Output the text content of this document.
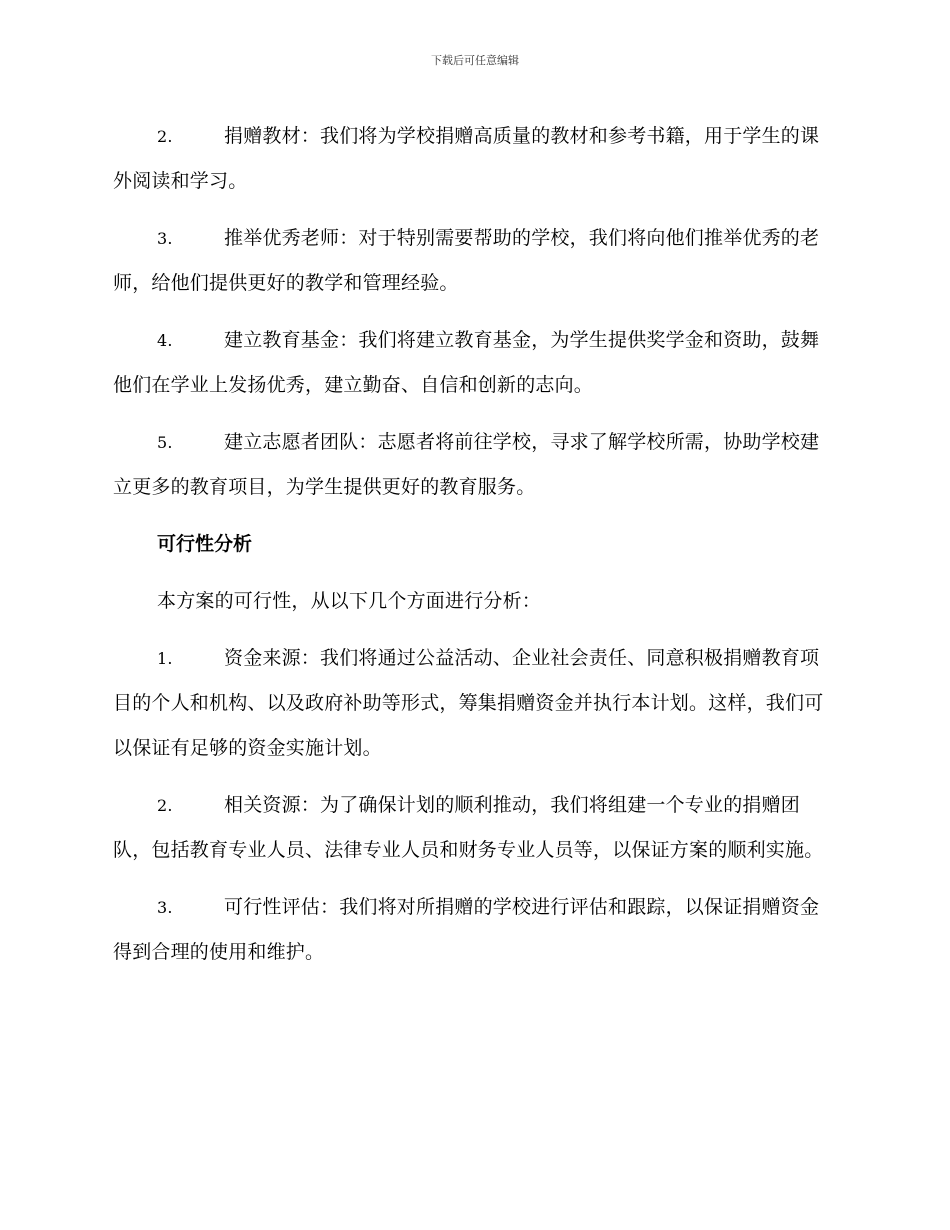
下载后可任意编辑

2.	捐赠教材：我们将为学校捐赠高质量的教材和参考书籍，用于学生的课外阅读和学习。

3.	推举优秀老师：对于特别需要帮助的学校，我们将向他们推举优秀的老师，给他们提供更好的教学和管理经验。

4.	建立教育基金：我们将建立教育基金，为学生提供奖学金和资助，鼓舞他们在学业上发扬优秀，建立勤奋、自信和创新的志向。

5.	建立志愿者团队：志愿者将前往学校，寻求了解学校所需，协助学校建立更多的教育项目，为学生提供更好的教育服务。

可行性分析

本方案的可行性，从以下几个方面进行分析：

1.	资金来源：我们将通过公益活动、企业社会责任、同意积极捐赠教育项目的个人和机构、以及政府补助等形式，筹集捐赠资金并执行本计划。这样，我们可以保证有足够的资金实施计划。

2.	相关资源：为了确保计划的顺利推动，我们将组建一个专业的捐赠团队，包括教育专业人员、法律专业人员和财务专业人员等，以保证方案的顺利实施。

3.	可行性评估：我们将对所捐赠的学校进行评估和跟踪，以保证捐赠资金得到合理的使用和维护。
